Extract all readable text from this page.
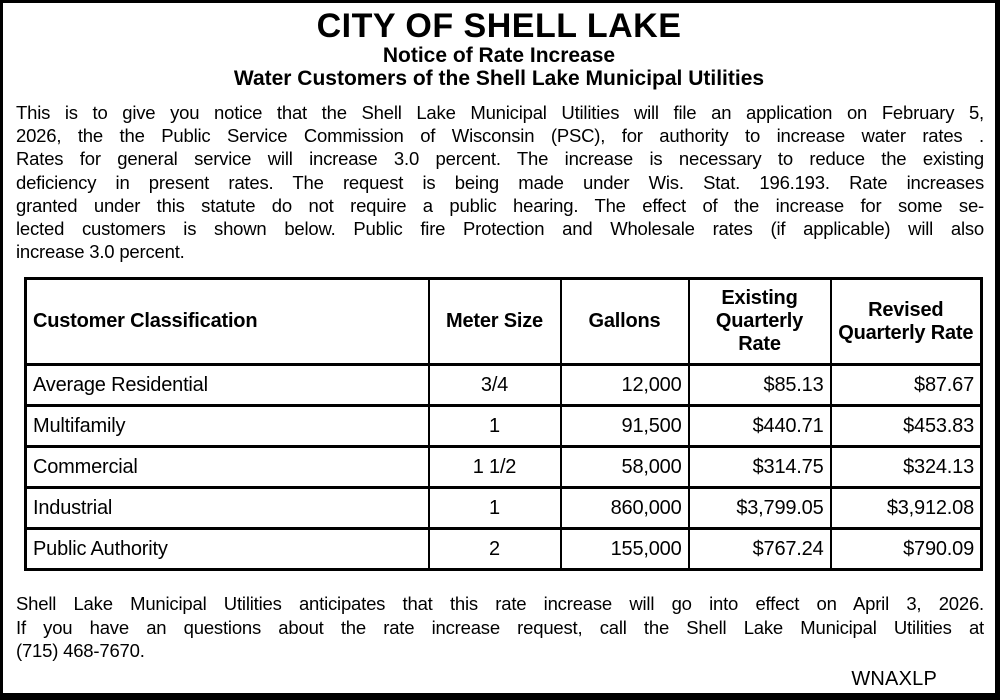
CITY OF SHELL LAKE
Notice of Rate Increase
Water Customers of the Shell Lake Municipal Utilities
This is to give you notice that the Shell Lake Municipal Utilities will file an application on February 5,
2026, the the Public Service Commission of Wisconsin (PSC), for authority to increase water rates .
Rates for general service will increase 3.0 percent. The increase is necessary to reduce the existing
deficiency in present rates. The request is being made under Wis. Stat. 196.193. Rate increases
granted under this statute do not require a public hearing. The effect of the increase for some se-
lected customers is shown below. Public fire Protection and Wholesale rates (if applicable) will also
increase 3.0 percent.
Customer Classification	Meter Size	Gallons	Existing Quarterly Rate	Revised Quarterly Rate
Average Residential	3/4	12,000	$85.13	$87.67
Multifamily	1	91,500	$440.71	$453.83
Commercial	1 1/2	58,000	$314.75	$324.13
Industrial	1	860,000	$3,799.05	$3,912.08
Public Authority	2	155,000	$767.24	$790.09
Shell Lake Municipal Utilities anticipates that this rate increase will go into effect on April 3, 2026.
If you have an questions about the rate increase request, call the Shell Lake Municipal Utilities at
(715) 468-7670.
WNAXLP
